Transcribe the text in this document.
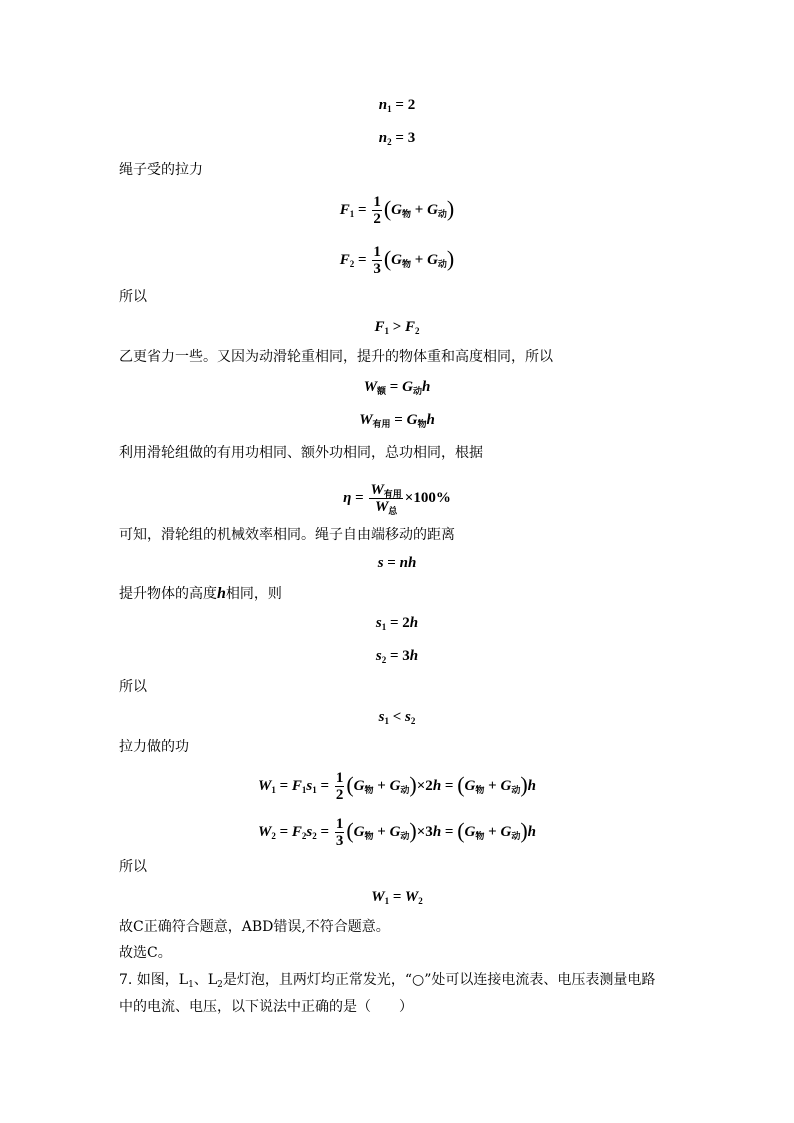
$n_1 = 2$
$n_2 = 3$
绳子受的拉力
$F_1 = \frac{1}{2} (G_物 + G_动)$
$F_2 = \frac{1}{3} (G_物 + G_动)$
所以
$F_1 > F_2$
乙更省力一些。又因为动滑轮重相同，提升的物体重和高度相同，所以
$W_额 = G_动h$
$W_{有用} = G_物h$
利用滑轮组做的有用功相同、额外功相同，总功相同，根据
$\eta = \frac{W_{有用}}{W_总} \times 100\%$
可知，滑轮组的机械效率相同。绳子自由端移动的距离
s = nh
提升物体的高度h相同，则
$s_1 = 2h$
$s_2 = 3h$
所以
$s_1 < s_2$
拉力做的功
$W_1 = F_1s_1 = \frac{1}{2} (G_物 + G_动)\times 2h = (G_物 + G_动)h$
$W_2 = F_2s_2 = \frac{1}{3} (G_物 + G_动)\times 3h = (G_物 + G_动)h$
所以
$W_1 = W_2$
故C正确符合题意，ABD错误,不符合题意。
故选C。
7. 如图，$L_1$、$L_2$是灯泡，且两灯均正常发光，“○”处可以连接电流表、电压表测量电路
中的电流、电压，以下说法中正确的是（　　）
